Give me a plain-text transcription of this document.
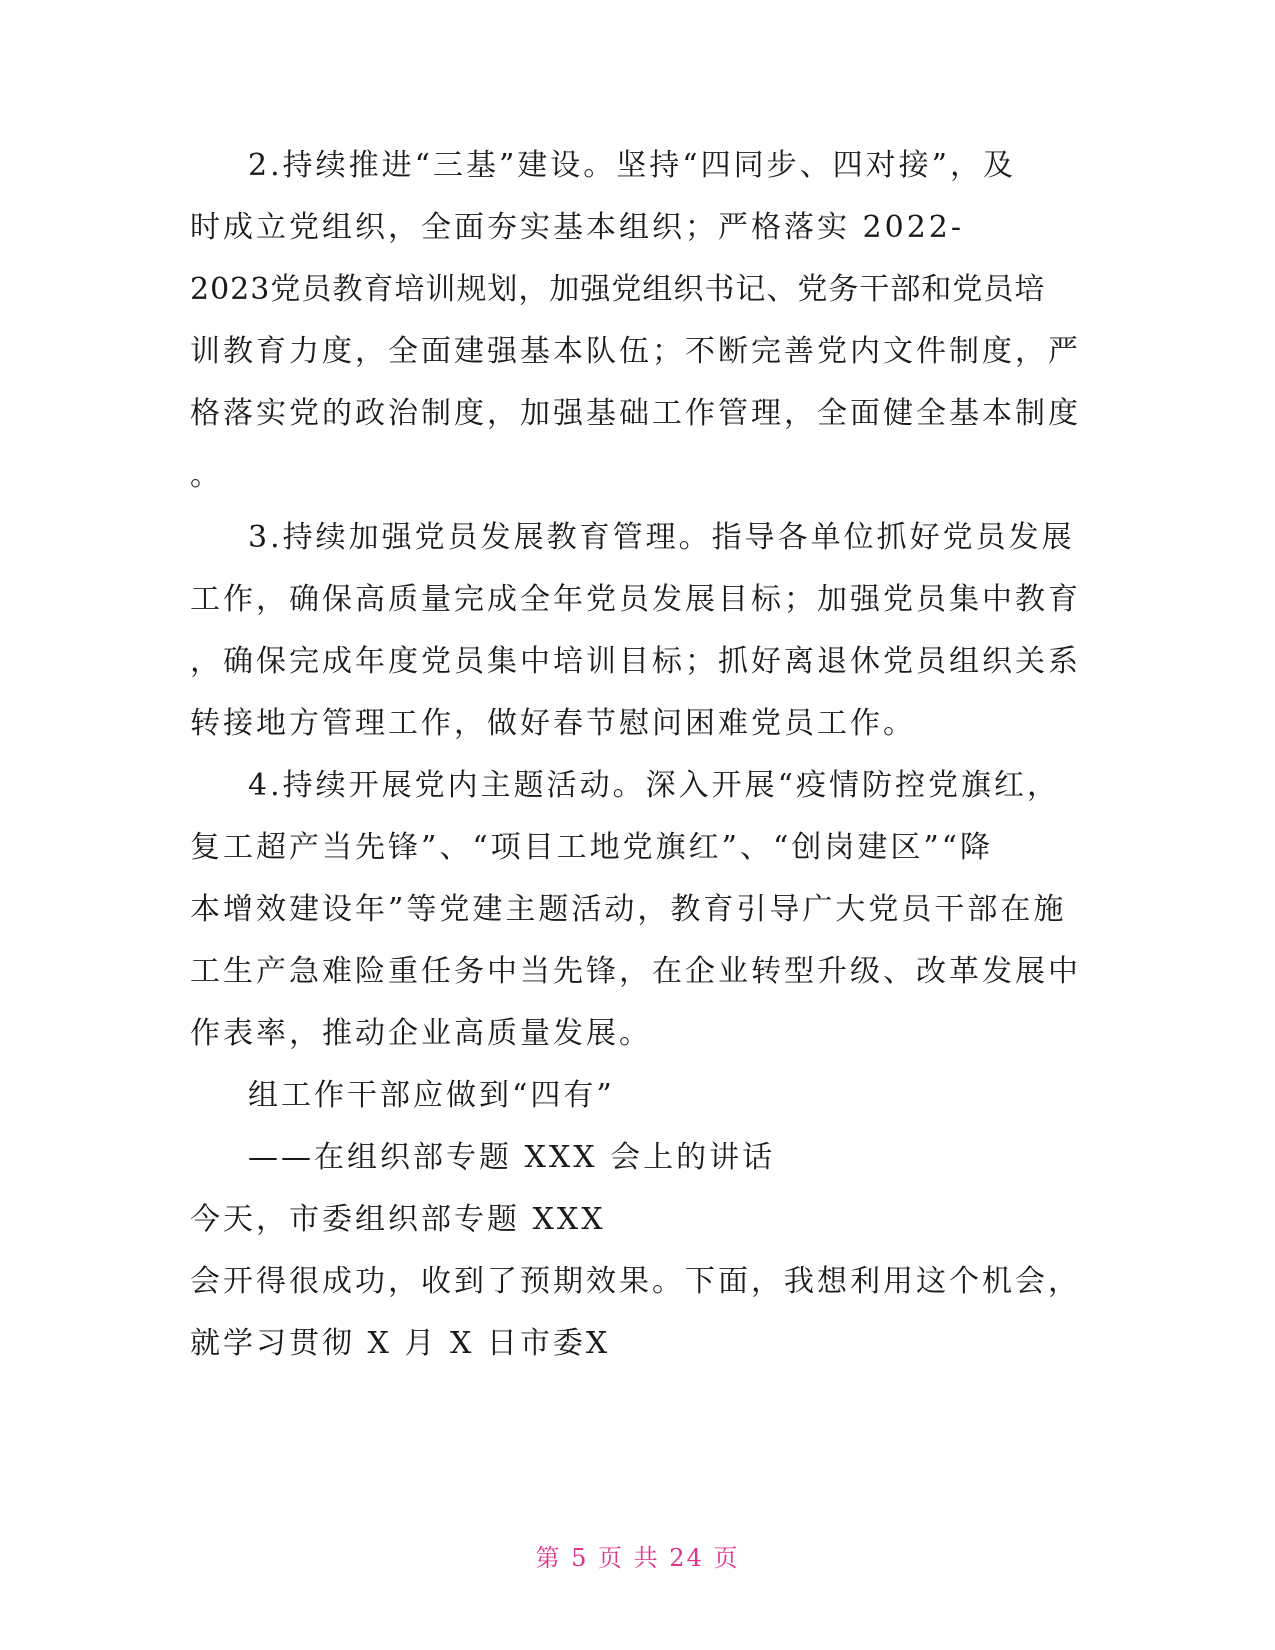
2.持续推进“三基”建设。坚持“四同步、四对接”，及
时成立党组织，全面夯实基本组织；严格落实 2022-
2023党员教育培训规划，加强党组织书记、党务干部和党员培
训教育力度，全面建强基本队伍；不断完善党内文件制度，严
格落实党的政治制度，加强基础工作管理，全面健全基本制度
。
3.持续加强党员发展教育管理。指导各单位抓好党员发展
工作，确保高质量完成全年党员发展目标；加强党员集中教育
，确保完成年度党员集中培训目标；抓好离退休党员组织关系
转接地方管理工作，做好春节慰问困难党员工作。
4.持续开展党内主题活动。深入开展“疫情防控党旗红，
复工超产当先锋”、“项目工地党旗红”、“创岗建区”“降
本增效建设年”等党建主题活动，教育引导广大党员干部在施
工生产急难险重任务中当先锋，在企业转型升级、改革发展中
作表率，推动企业高质量发展。
组工作干部应做到“四有”
——在组织部专题 XXX 会上的讲话
今天，市委组织部专题 XXX
会开得很成功，收到了预期效果。下面，我想利用这个机会，
就学习贯彻 X 月 X 日市委X
第 5 页 共 24 页
